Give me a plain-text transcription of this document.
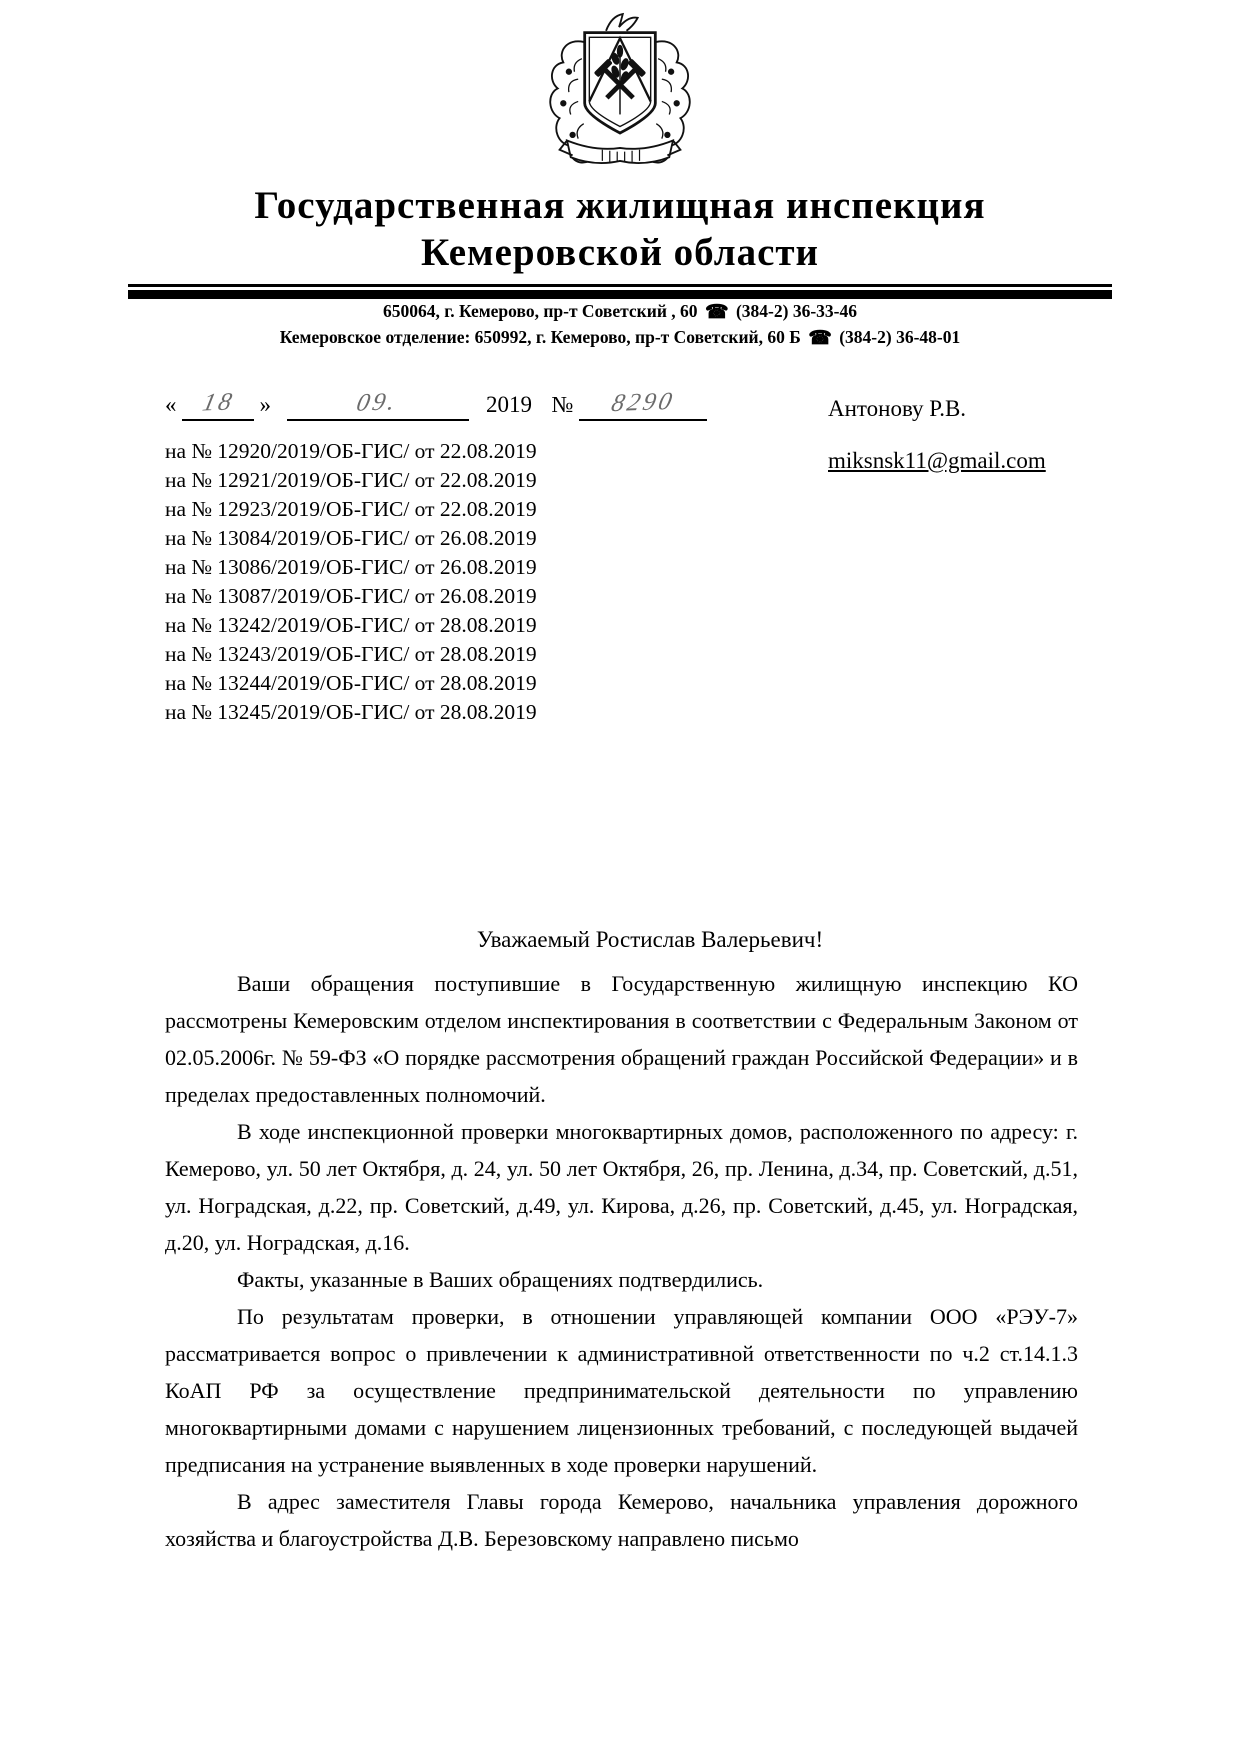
Государственная жилищная инспекция
Кемеровской области
650064, г. Кемерово, пр-т Советский , 60 ☎ (384-2) 36-33-46
Кемеровское отделение: 650992, г. Кемерово, пр-т Советский, 60 Б ☎ (384-2) 36-48-01
« 18 »	09.	2019 № 8290	Антонову Р.В.
miksnsk11@gmail.com
на № 12920/2019/ОБ-ГИС/ от 22.08.2019
на № 12921/2019/ОБ-ГИС/ от 22.08.2019
на № 12923/2019/ОБ-ГИС/ от 22.08.2019
на № 13084/2019/ОБ-ГИС/ от 26.08.2019
на № 13086/2019/ОБ-ГИС/ от 26.08.2019
на № 13087/2019/ОБ-ГИС/ от 26.08.2019
на № 13242/2019/ОБ-ГИС/ от 28.08.2019
на № 13243/2019/ОБ-ГИС/ от 28.08.2019
на № 13244/2019/ОБ-ГИС/ от 28.08.2019
на № 13245/2019/ОБ-ГИС/ от 28.08.2019
Уважаемый Ростислав Валерьевич!

Ваши обращения поступившие в Государственную жилищную инспекцию КО рассмотрены Кемеровским отделом инспектирования в соответствии с Федеральным Законом от 02.05.2006г. № 59-ФЗ «О порядке рассмотрения обращений граждан Российской Федерации» и в пределах предоставленных полномочий.

В ходе инспекционной проверки многоквартирных домов, расположенного по адресу: г. Кемерово, ул. 50 лет Октября, д. 24, ул. 50 лет Октября, 26, пр. Ленина, д.34, пр. Советский, д.51, ул. Ноградская, д.22, пр. Советский, д.49, ул. Кирова, д.26, пр. Советский, д.45, ул. Ноградская, д.20, ул. Ноградская, д.16.

Факты, указанные в Ваших обращениях подтвердились.

По результатам проверки, в отношении управляющей компании ООО «РЭУ-7» рассматривается вопрос о привлечении к административной ответственности по ч.2 ст.14.1.3 КоАП РФ за осуществление предпринимательской деятельности по управлению многоквартирными домами с нарушением лицензионных требований, с последующей выдачей предписания на устранение выявленных в ходе проверки нарушений.

В адрес заместителя Главы города Кемерово, начальника управления дорожного хозяйства и благоустройства Д.В. Березовскому направлено письмо
